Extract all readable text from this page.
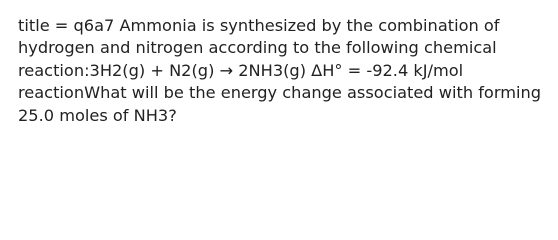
title = q6a7 Ammonia is synthesized by the combination of
hydrogen and nitrogen according to the following chemical
reaction:3H2(g) + N2(g) → 2NH3(g) ΔH° = -92.4 kJ/mol
reactionWhat will be the energy change associated with forming
25.0 moles of NH3?
